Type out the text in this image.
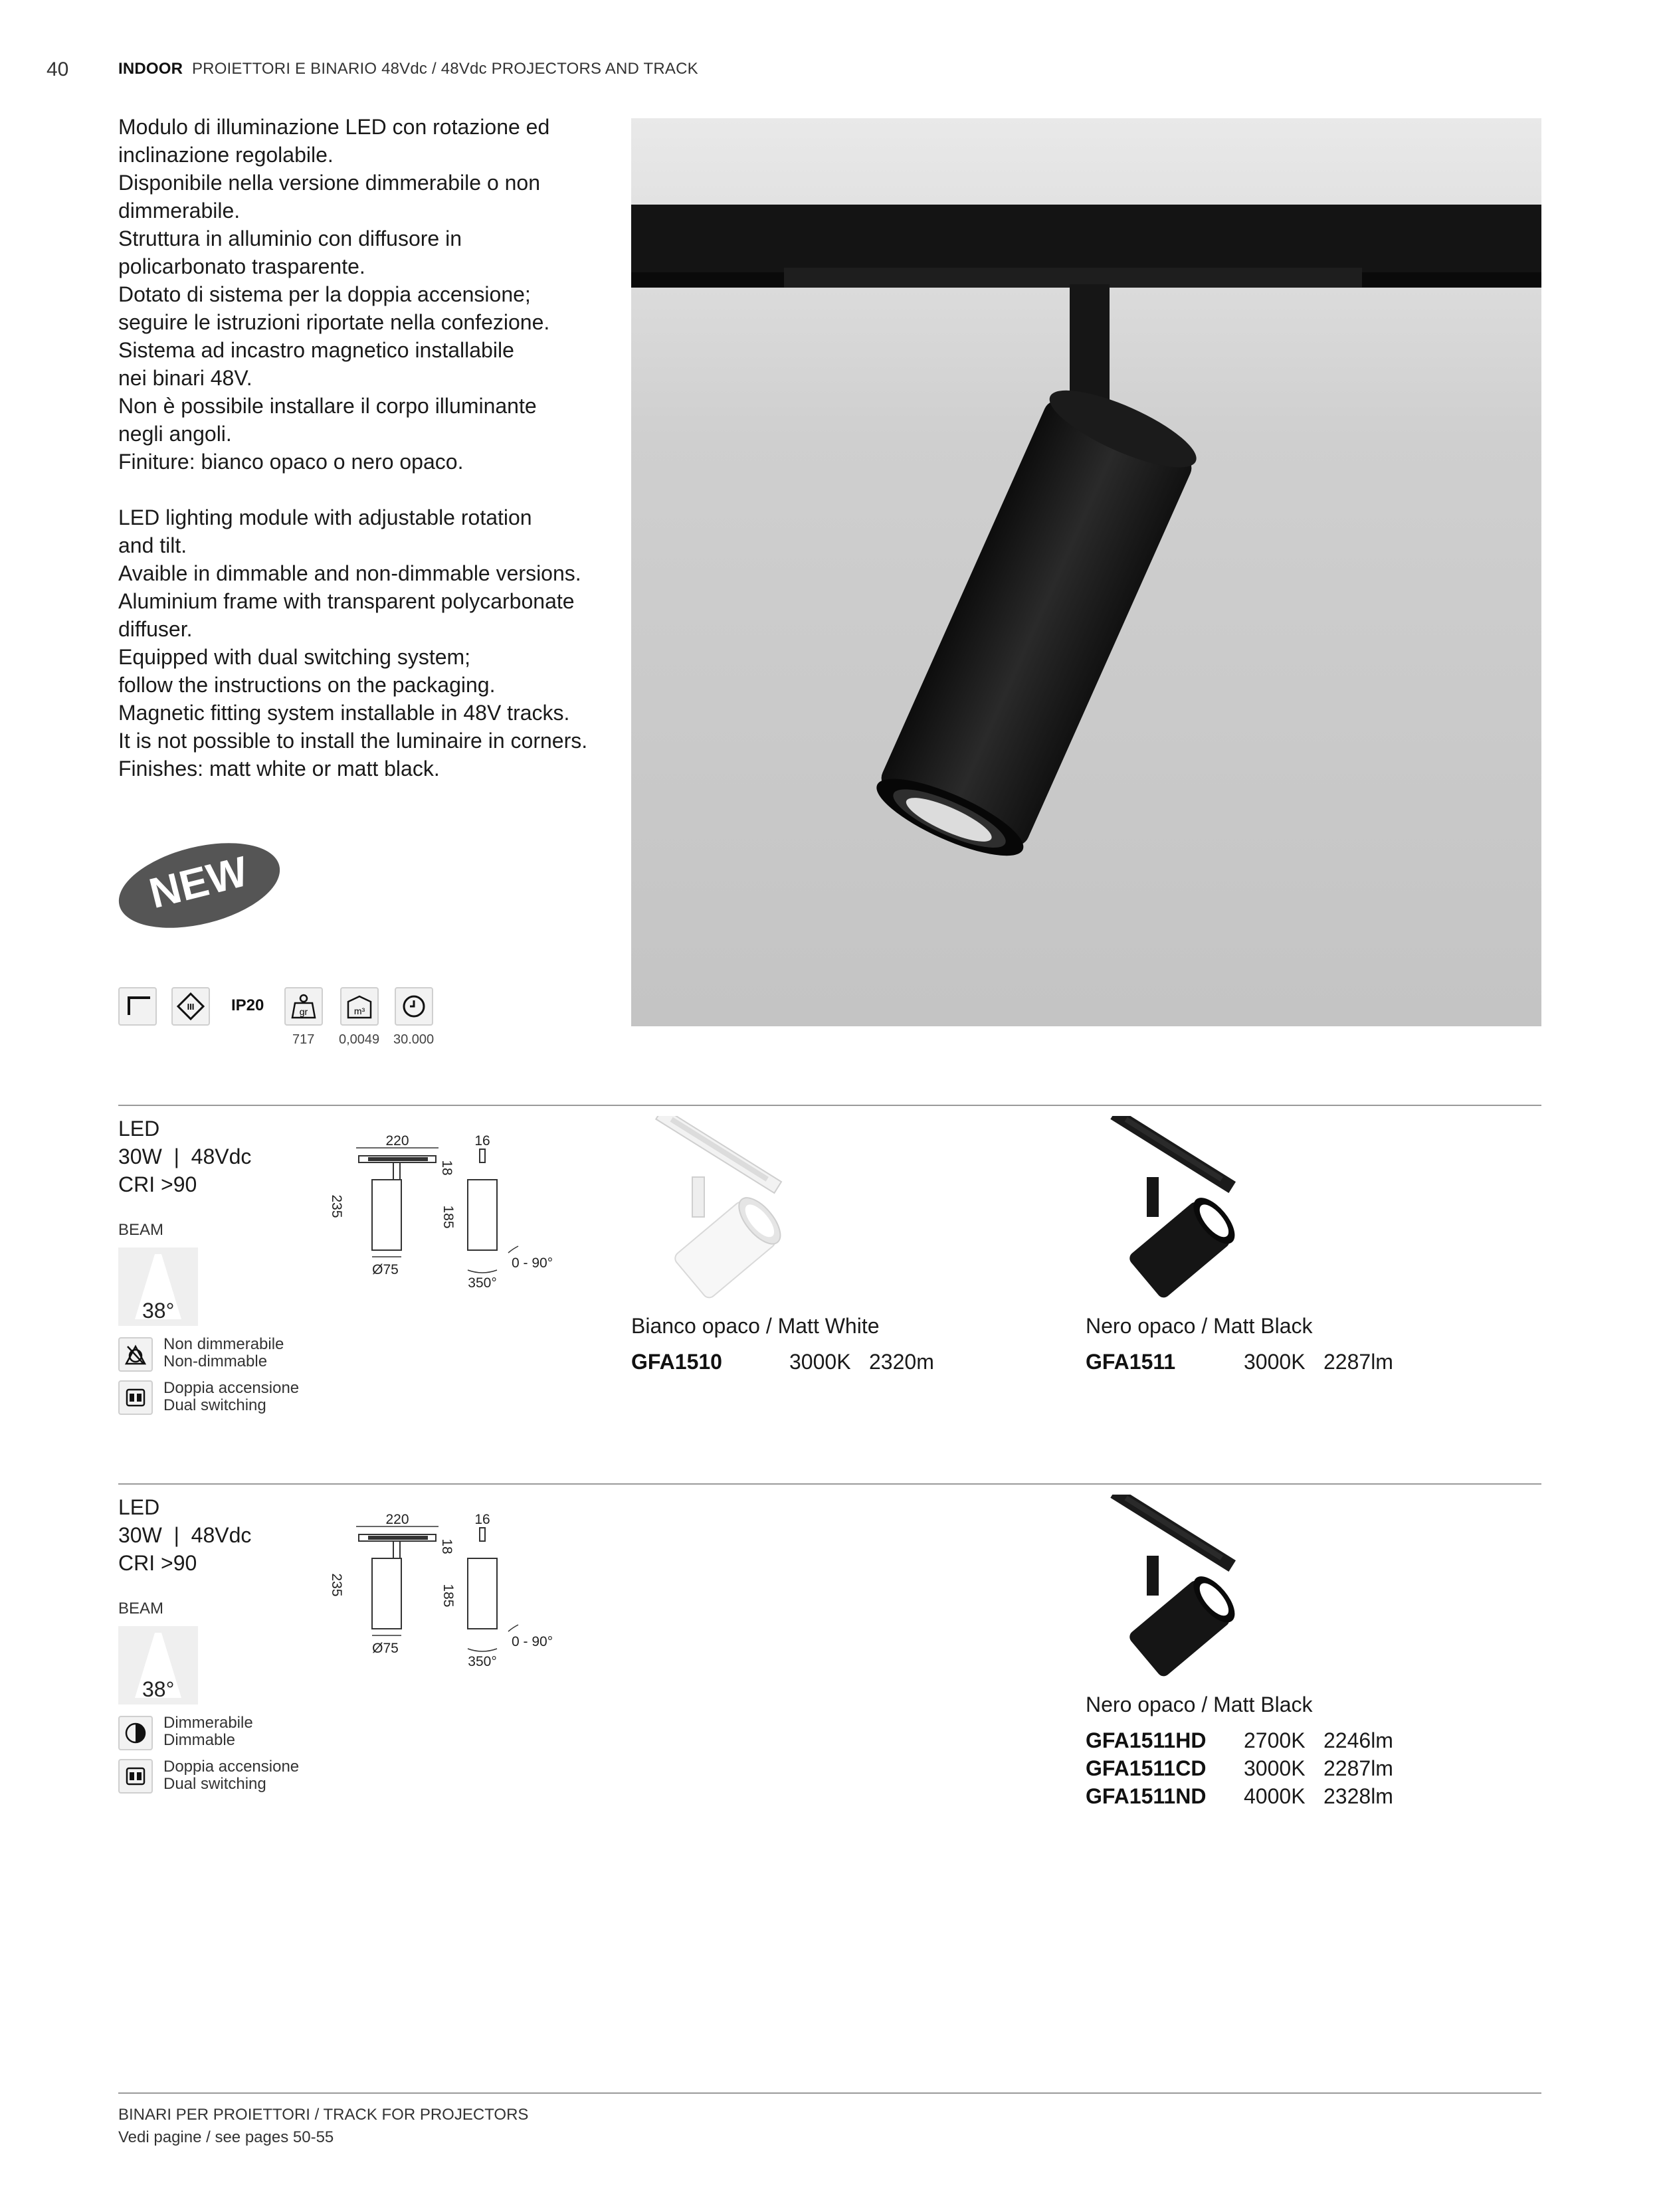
40	INDOOR PROIETTORI E BINARIO 48Vdc / 48Vdc PROJECTORS AND TRACK

Modulo di illuminazione LED con rotazione ed

inclinazione regolabile.

Disponibile nella versione dimmerabile o non

dimmerabile.

Struttura in alluminio con diffusore in

policarbonato trasparente.

Dotato di sistema per la doppia accensione;

seguire le istruzioni riportate nella confezione.

Sistema ad incastro magnetico installabile

nei binari 48V.

Non è possibile installare il corpo illuminante

negli angoli.

Finiture: bianco opaco o nero opaco.

LED lighting module with adjustable rotation

and tilt.

Avaible in dimmable and non-dimmable versions.

Aluminium frame with transparent polycarbonate

diffuser.

Equipped with dual switching system;

follow the instructions on the packaging.

Magnetic fitting system installable in 48V tracks.

It is not possible to install the luminaire in corners.

Finishes: matt white or matt black.

NEW
III IP20	gr	m³
717 0,0049 30.000
LED
30W  |  48Vdc
CRI >90
BEAM
38°
Non dimmerabile
Non-dimmable
Doppia accensione
Dual switching
220
235
Ø75
18
185
16
0 - 90°
350°
Bianco opaco / Matt White
GFA1510	3000K 2320m
Nero opaco / Matt Black
GFA1511	3000K 2287lm
LED
30W  |  48Vdc
CRI >90
BEAM
38°
Dimmerabile
Dimmable
Doppia accensione
Dual switching
220
235
Ø75
18
185
16
0 - 90°
350°
Nero opaco / Matt Black
GFA1511HD 2700K 2246lm
GFA1511CD 3000K 2287lm
GFA1511ND 4000K 2328lm
BINARI PER PROIETTORI / TRACK FOR PROJECTORS
Vedi pagine / see pages 50-55
